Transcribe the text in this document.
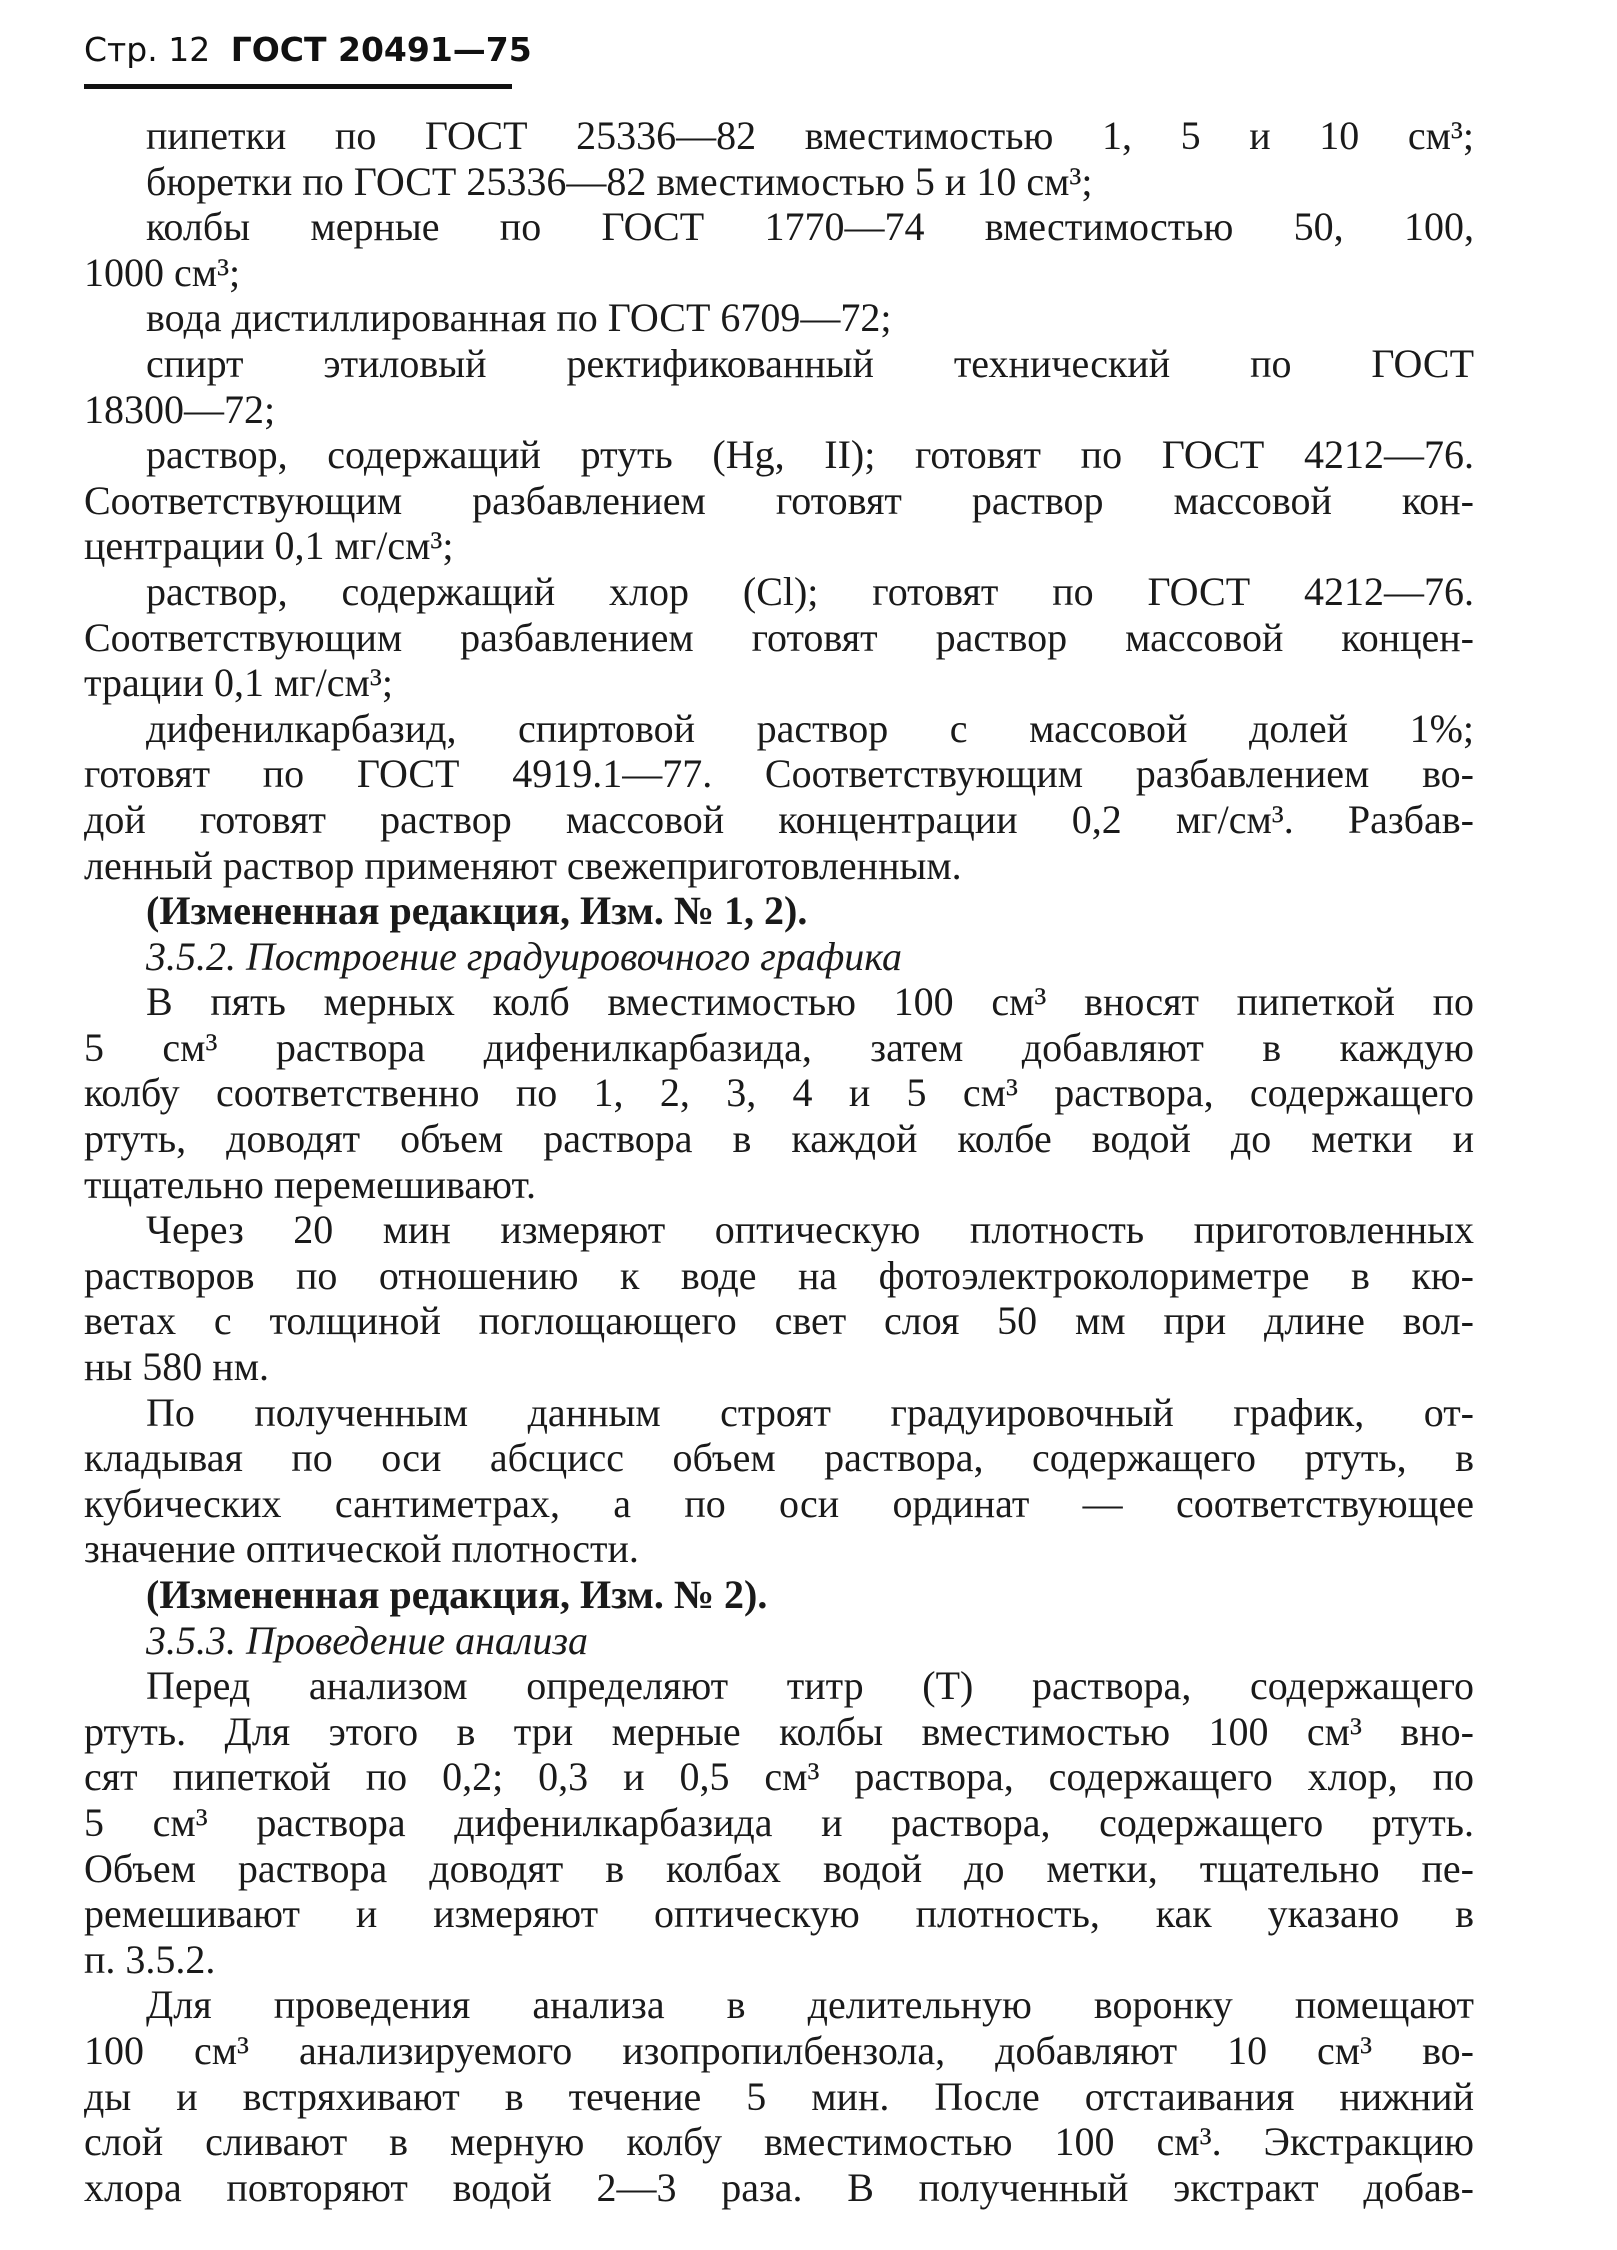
Стр. 12 ГОСТ 20491—75
пипетки по ГОСТ 25336—82 вместимостью 1, 5 и 10 см³;
бюретки по ГОСТ 25336—82 вместимостью 5 и 10 см³;
колбы мерные по ГОСТ 1770—74 вместимостью 50, 100,
1000 см³;
вода дистиллированная по ГОСТ 6709—72;
спирт этиловый ректификованный технический по ГОСТ
18300—72;
раствор, содержащий ртуть (Hg, II); готовят по ГОСТ 4212—76.
Соответствующим разбавлением готовят раствор массовой кон-
центрации 0,1 мг/см³;
раствор, содержащий хлор (Cl); готовят по ГОСТ 4212—76.
Соответствующим разбавлением готовят раствор массовой концен-
трации 0,1 мг/см³;
дифенилкарбазид, спиртовой раствор с массовой долей 1%;
готовят по ГОСТ 4919.1—77. Соответствующим разбавлением во-
дой готовят раствор массовой концентрации 0,2 мг/см³. Разбав-
ленный раствор применяют свежеприготовленным.
(Измененная редакция, Изм. № 1, 2).
3.5.2. Построение градуировочного графика
В пять мерных колб вместимостью 100 см³ вносят пипеткой по
5 см³ раствора дифенилкарбазида, затем добавляют в каждую
колбу соответственно по 1, 2, 3, 4 и 5 см³ раствора, содержащего
ртуть, доводят объем раствора в каждой колбе водой до метки и
тщательно перемешивают.
Через 20 мин измеряют оптическую плотность приготовленных
растворов по отношению к воде на фотоэлектроколориметре в кю-
ветах с толщиной поглощающего свет слоя 50 мм при длине вол-
ны 580 нм.
По полученным данным строят градуировочный график, от-
кладывая по оси абсцисс объем раствора, содержащего ртуть, в
кубических сантиметрах, а по оси ординат — соответствующее
значение оптической плотности.
(Измененная редакция, Изм. № 2).
3.5.3. Проведение анализа
Перед анализом определяют титр (Т) раствора, содержащего
ртуть. Для этого в три мерные колбы вместимостью 100 см³ вно-
сят пипеткой по 0,2; 0,3 и 0,5 см³ раствора, содержащего хлор, по
5 см³ раствора дифенилкарбазида и раствора, содержащего ртуть.
Объем раствора доводят в колбах водой до метки, тщательно пе-
ремешивают и измеряют оптическую плотность, как указано в
п. 3.5.2.
Для проведения анализа в делительную воронку помещают
100 см³ анализируемого изопропилбензола, добавляют 10 см³ во-
ды и встряхивают в течение 5 мин. После отстаивания нижний
слой сливают в мерную колбу вместимостью 100 см³. Экстракцию
хлора повторяют водой 2—3 раза. В полученный экстракт добав-
